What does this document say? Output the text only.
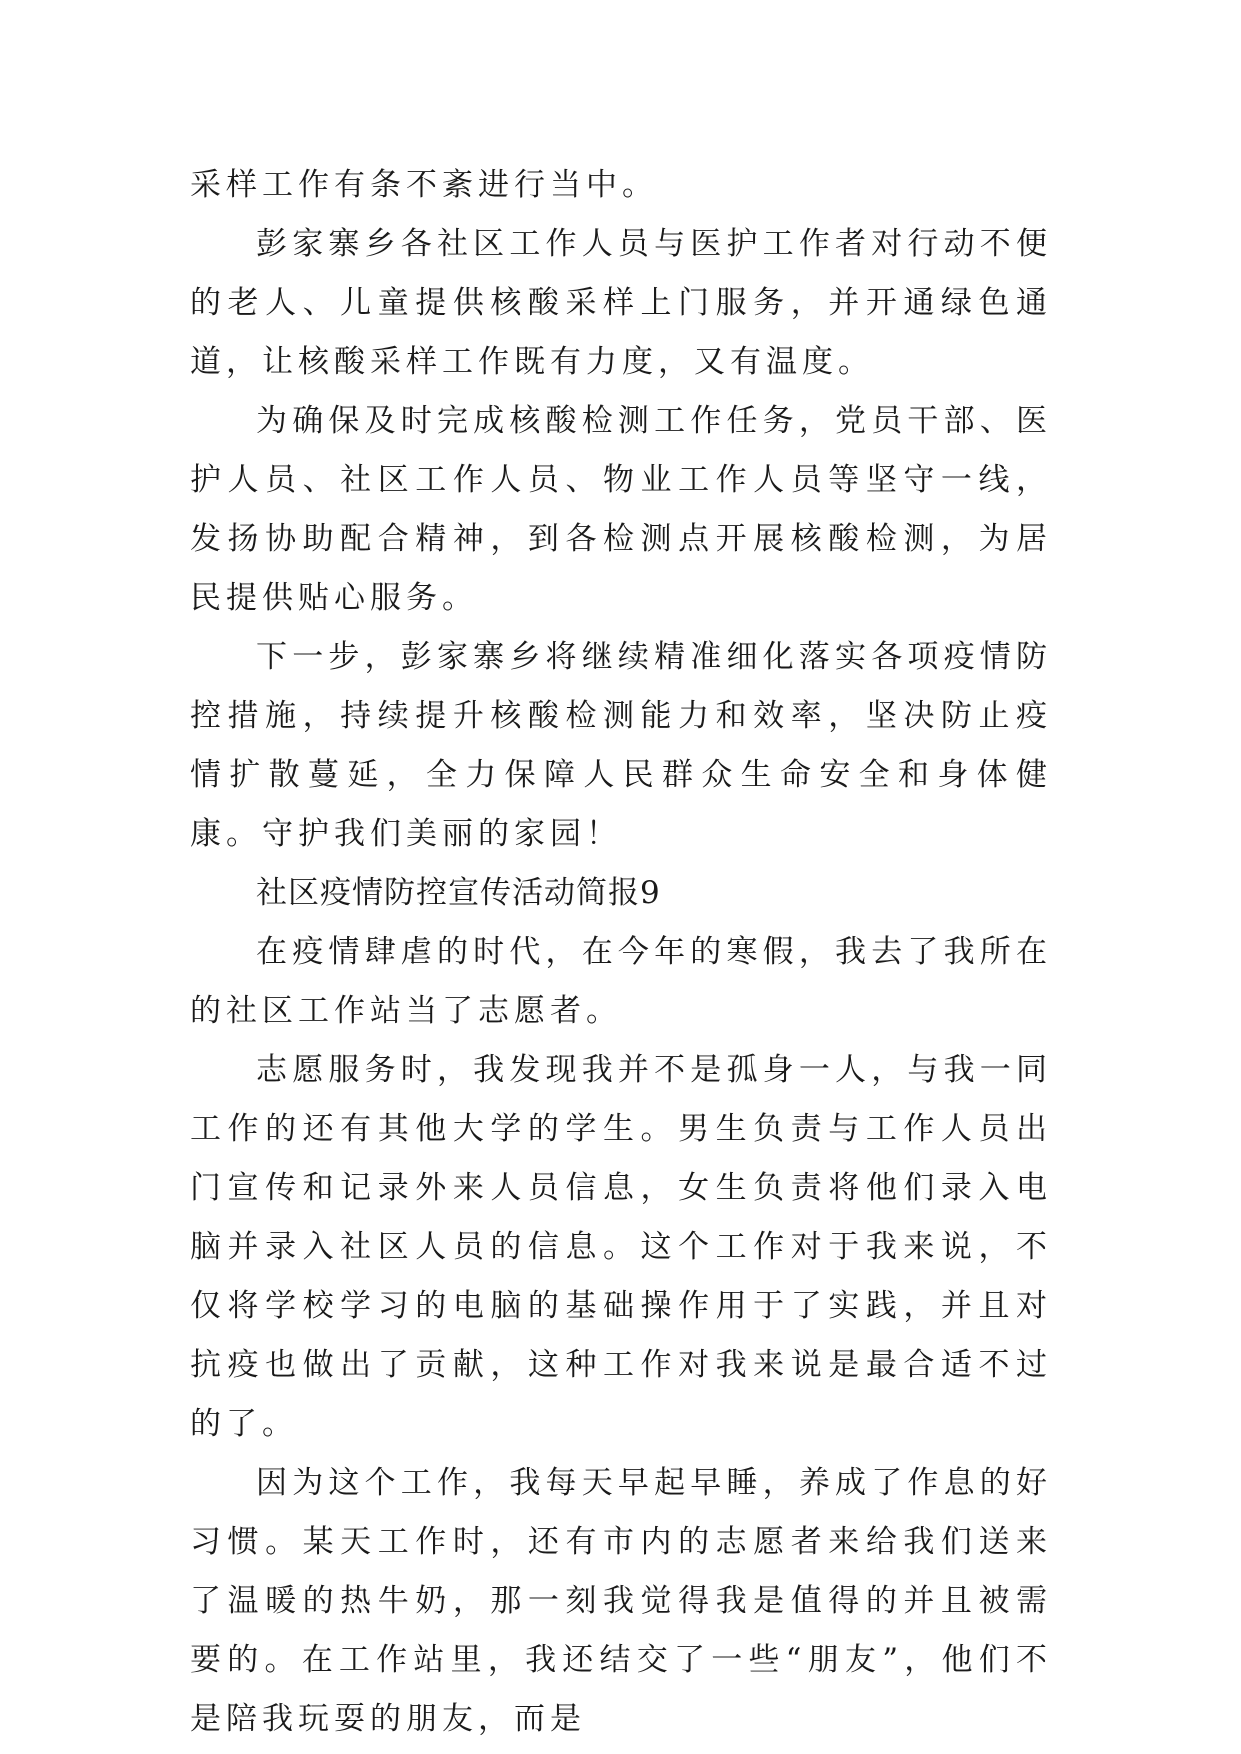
采样工作有条不紊进行当中。

彭家寨乡各社区工作人员与医护工作者对行动不便的老人、儿童提供核酸采样上门服务，并开通绿色通道，让核酸采样工作既有力度，又有温度。

为确保及时完成核酸检测工作任务，党员干部、医护人员、社区工作人员、物业工作人员等坚守一线，发扬协助配合精神，到各检测点开展核酸检测，为居民提供贴心服务。

下一步，彭家寨乡将继续精准细化落实各项疫情防控措施，持续提升核酸检测能力和效率，坚决防止疫情扩散蔓延，全力保障人民群众生命安全和身体健康。守护我们美丽的家园！

社区疫情防控宣传活动简报9

在疫情肆虐的时代，在今年的寒假，我去了我所在的社区工作站当了志愿者。

志愿服务时，我发现我并不是孤身一人，与我一同工作的还有其他大学的学生。男生负责与工作人员出门宣传和记录外来人员信息，女生负责将他们录入电脑并录入社区人员的信息。这个工作对于我来说，不仅将学校学习的电脑的基础操作用于了实践，并且对抗疫也做出了贡献，这种工作对我来说是最合适不过的了。

因为这个工作，我每天早起早睡，养成了作息的好习惯。某天工作时，还有市内的志愿者来给我们送来了温暖的热牛奶，那一刻我觉得我是值得的并且被需要的。在工作站里，我还结交了一些“朋友”，他们不是陪我玩耍的朋友，而是
